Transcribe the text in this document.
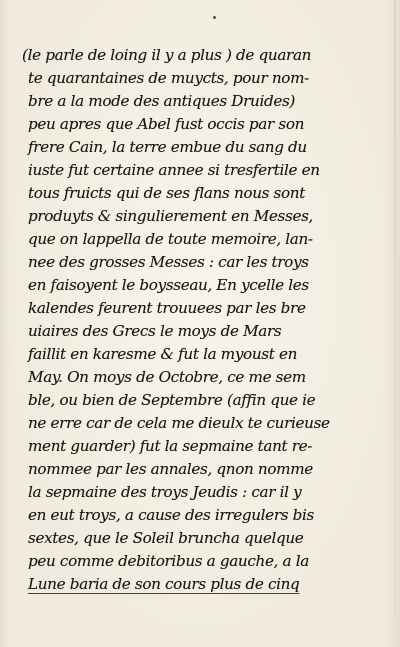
(le parle de loing il y a plus ) de quaran
te quarantaines de muycts, pour nom-
bre a la mode des antiques Druides)
peu apres que Abel fust occis par son
frere Cain, la terre embue du sang du
iuste fut certaine annee si tresfertile en
tous fruicts qui de ses flans nous sont
produyts & singulierement en Messes,
que on lappella de toute memoire, lan-
nee des grosses Messes : car les troys
en faisoyent le boysseau, En ycelle les
kalendes feurent trouuees par les bre
uiaires des Grecs le moys de Mars
faillit en karesme & fut la myoust en
May. On moys de Octobre, ce me sem
ble, ou bien de Septembre (affin que ie
ne erre car de cela me dieulx te curieuse
ment guarder) fut la sepmaine tant re-
nommee par les annales, qnon nomme
la sepmaine des troys Jeudis : car il y
en eut troys, a cause des irregulers bis
sextes, que le Soleil bruncha quelque
peu comme debitoribus a gauche, a la
Lune baria de son cours plus de cinq
